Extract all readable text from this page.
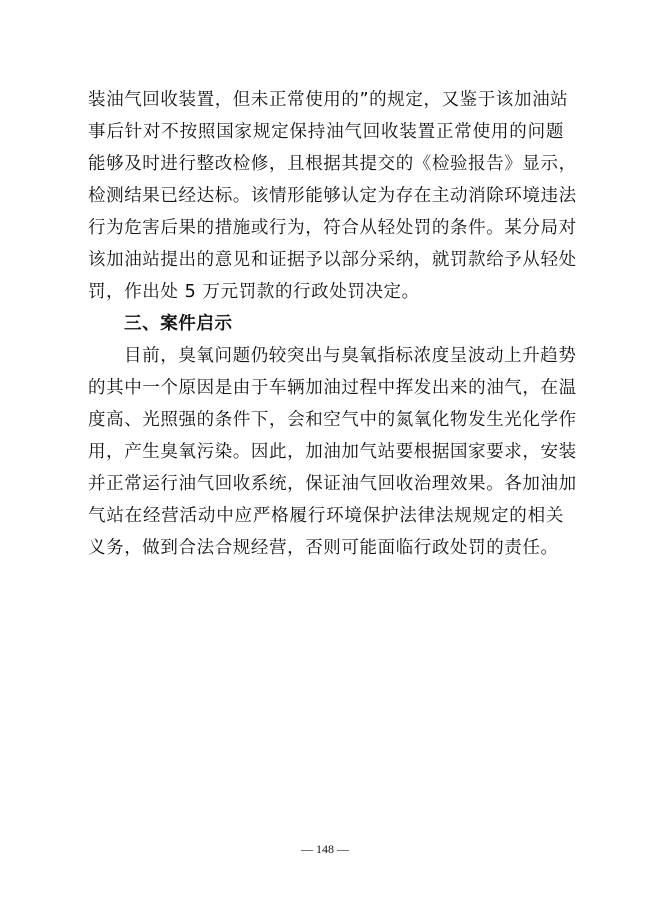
装油气回收装置，但未正常使用的”的规定，又鉴于该加油站
事后针对不按照国家规定保持油气回收装置正常使用的问题
能够及时进行整改检修，且根据其提交的《检验报告》显示，
检测结果已经达标。该情形能够认定为存在主动消除环境违法
行为危害后果的措施或行为，符合从轻处罚的条件。某分局对
该加油站提出的意见和证据予以部分采纳，就罚款给予从轻处
罚，作出处 5 万元罚款的行政处罚决定。
三、案件启示
目前，臭氧问题仍较突出与臭氧指标浓度呈波动上升趋势
的其中一个原因是由于车辆加油过程中挥发出来的油气，在温
度高、光照强的条件下，会和空气中的氮氧化物发生光化学作
用，产生臭氧污染。因此，加油加气站要根据国家要求，安装
并正常运行油气回收系统，保证油气回收治理效果。各加油加
气站在经营活动中应严格履行环境保护法律法规规定的相关
义务，做到合法合规经营，否则可能面临行政处罚的责任。
— 148 —
